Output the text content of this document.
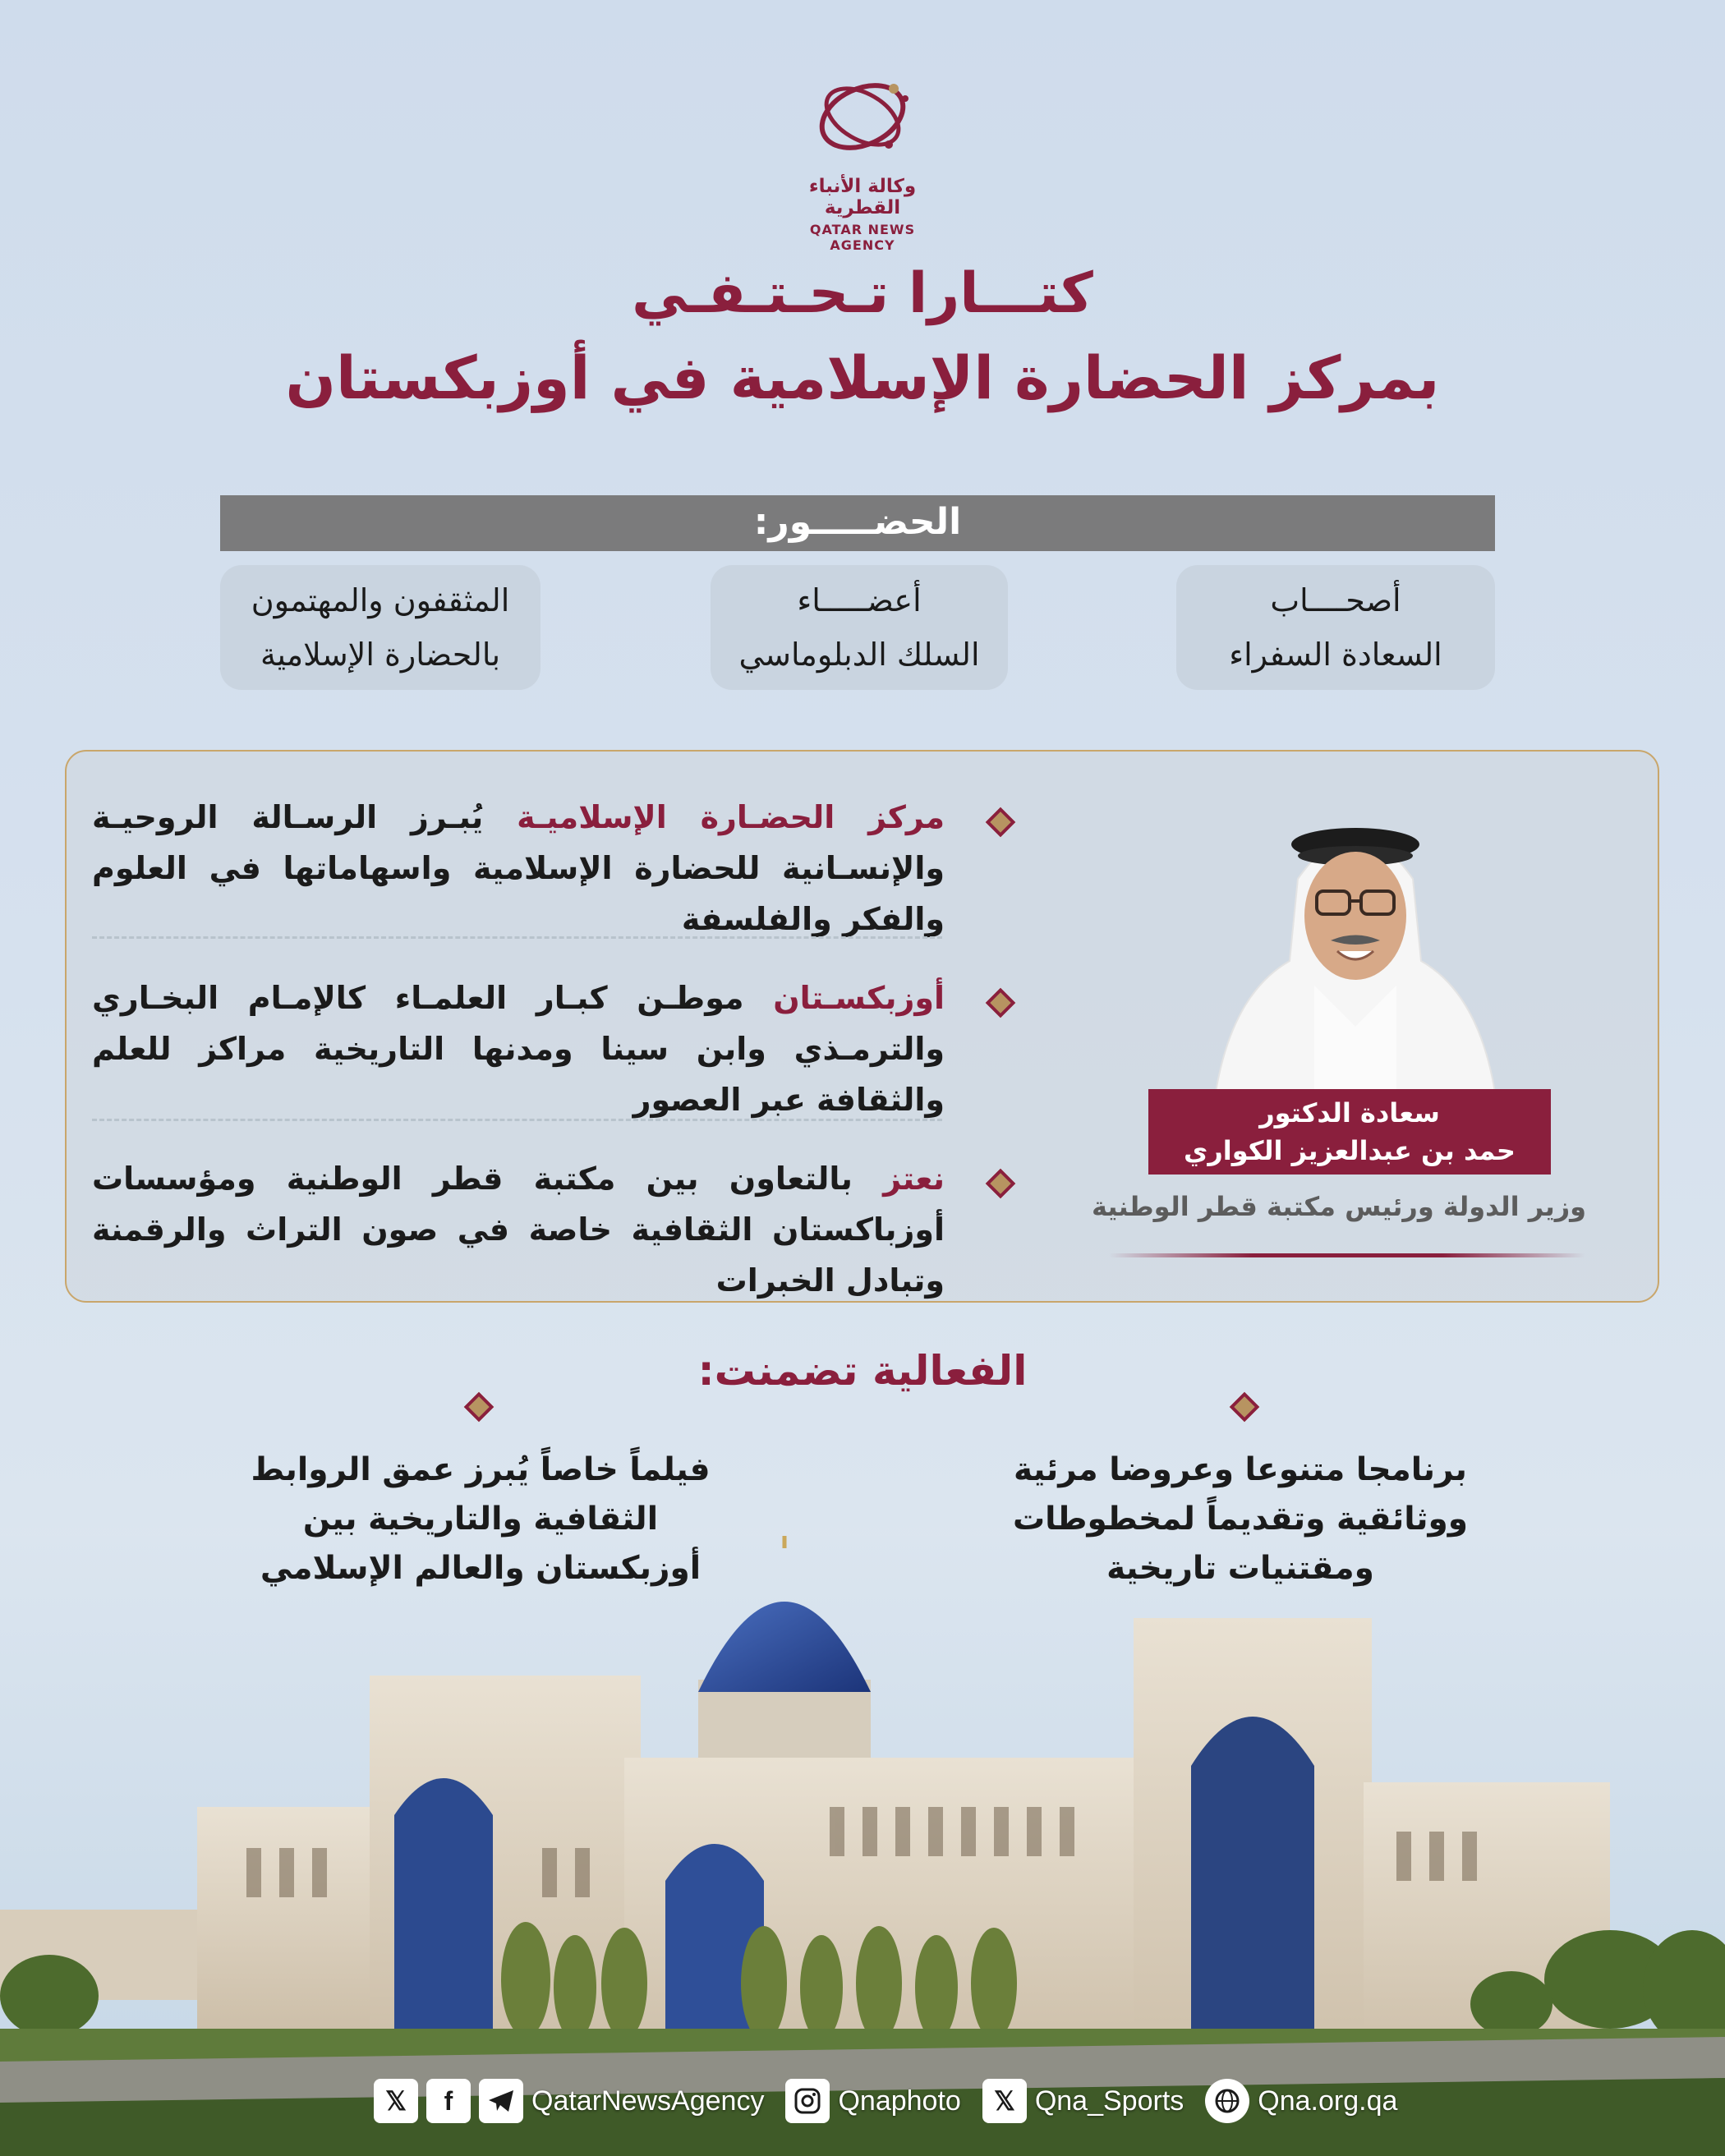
وكالة الأنباء القطرية
QATAR NEWS AGENCY
كتـــارا تـحـتـفـي
بمركز الحضارة الإسلامية في أوزبكستان
الحضـــــور:
أصحــــاب
السعادة السفراء
أعضـــــاء
السلك الدبلوماسي
المثقفون والمهتمون
بالحضارة الإسلامية
مركز الحضـارة الإسلاميـة يُبـرز الرسـالة الروحيـة والإنسـانية للحضارة الإسلامية واسهاماتها في العلوم والفكر والفلسفة
أوزبكسـتان موطـن كبـار العلمـاء كالإمـام البخـاري والترمـذي وابن سينا ومدنها التاريخية مراكز للعلم والثقافة عبر العصور
نعتز بالتعاون بين مكتبة قطر الوطنية ومؤسسات أوزباكستان الثقافية خاصة في صون التراث والرقمنة وتبادل الخبرات
سعادة الدكتور
حمد بن عبدالعزيز الكواري
وزير الدولة ورئيس مكتبة قطر الوطنية
الفعالية تضمنت:
برنامجا متنوعا وعروضا مرئية ووثائقية وتقديماً لمخطوطات ومقتنيات تاريخية
فيلماً خاصاً يُبرز عمق الروابط الثقافية والتاريخية بين أوزبكستان والعالم الإسلامي
𝕏	f	QatarNewsAgency	Qnaphoto	𝕏 Qna_Sports	Qna.org.qa
